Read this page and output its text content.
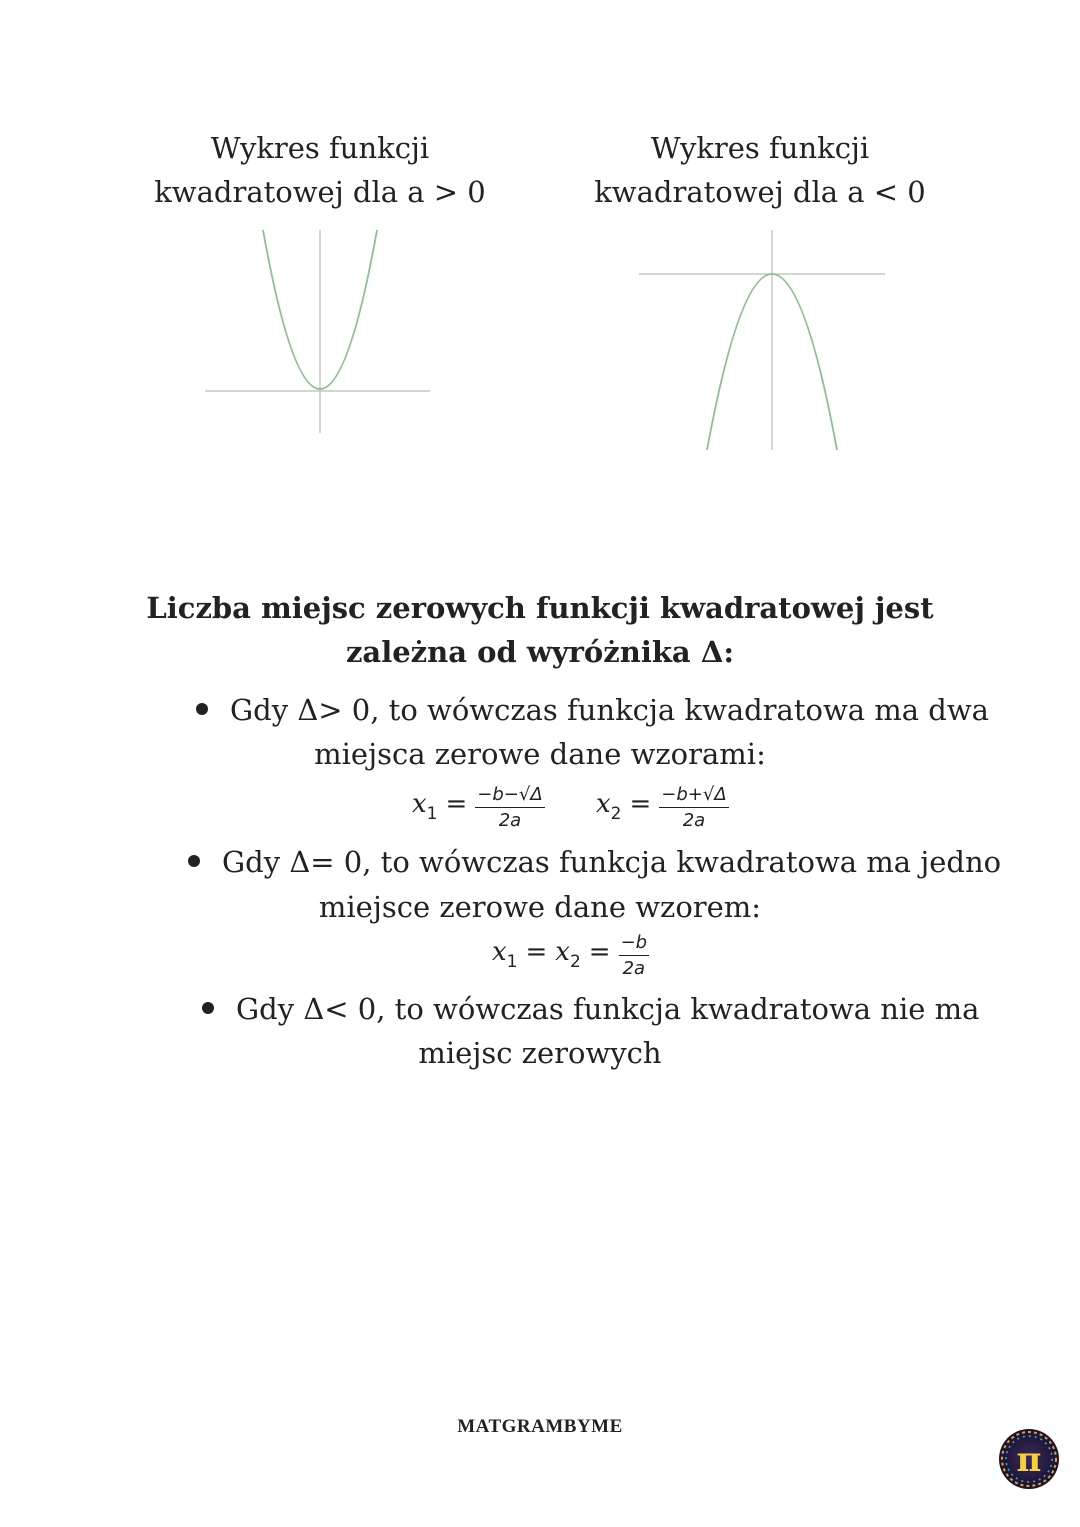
Wykres funkcji
kwadratowej dla a > 0
Wykres funkcji
kwadratowej dla a < 0
Liczba miejsc zerowych funkcji kwadratowej jest
zależna od wyróżnika Δ:
Gdy Δ> 0, to wówczas funkcja kwadratowa ma dwa
miejsca zerowe dane wzorami:
$x1 = \frac{-b-√\Delta}{2a} x2 = \frac{-b+√\Delta}{2a}$
Gdy Δ= 0, to wówczas funkcja kwadratowa ma jedno
miejsce zerowe dane wzorem:
$x1 = x2 = \frac{-b}{2a}$
Gdy Δ< 0, to wówczas funkcja kwadratowa nie ma
miejsc zerowych
MATGRAMBYME
π
